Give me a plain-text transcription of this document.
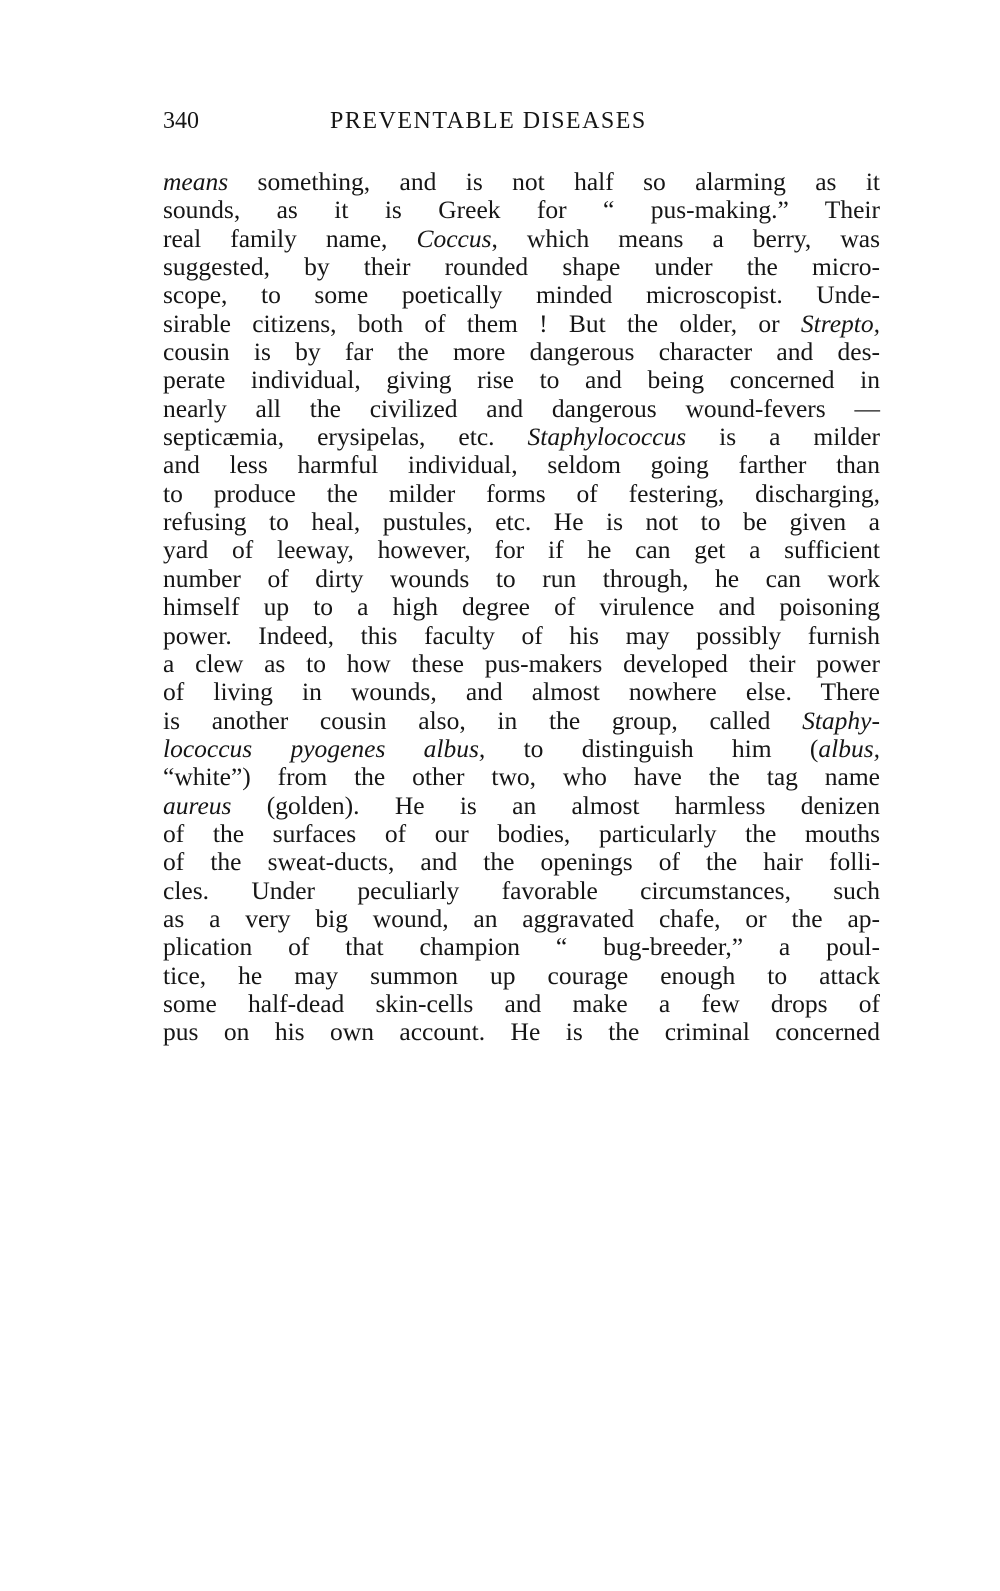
340	PREVENTABLE DISEASES
means something, and is not half so alarming as it
sounds, as it is Greek for “ pus-making.” Their
real family name, Coccus, which means a berry, was
suggested, by their rounded shape under the micro-
scope, to some poetically minded microscopist. Unde-
sirable citizens, both of them ! But the older, or Strepto,
cousin is by far the more dangerous character and des-
perate individual, giving rise to and being concerned in
nearly all the civilized and dangerous wound-fevers —
septicæmia, erysipelas, etc. Staphylococcus is a milder
and less harmful individual, seldom going farther than
to produce the milder forms of festering, discharging,
refusing to heal, pustules, etc. He is not to be given a
yard of leeway, however, for if he can get a sufficient
number of dirty wounds to run through, he can work
himself up to a high degree of virulence and poisoning
power. Indeed, this faculty of his may possibly furnish
a clew as to how these pus-makers developed their power
of living in wounds, and almost nowhere else. There
is another cousin also, in the group, called Staphy-
lococcus pyogenes albus, to distinguish him (albus,
“white”) from the other two, who have the tag name
aureus (golden). He is an almost harmless denizen
of the surfaces of our bodies, particularly the mouths
of the sweat-ducts, and the openings of the hair folli-
cles. Under peculiarly favorable circumstances, such
as a very big wound, an aggravated chafe, or the ap-
plication of that champion “ bug-breeder,” a poul-
tice, he may summon up courage enough to attack
some half-dead skin-cells and make a few drops of
pus on his own account. He is the criminal concerned
